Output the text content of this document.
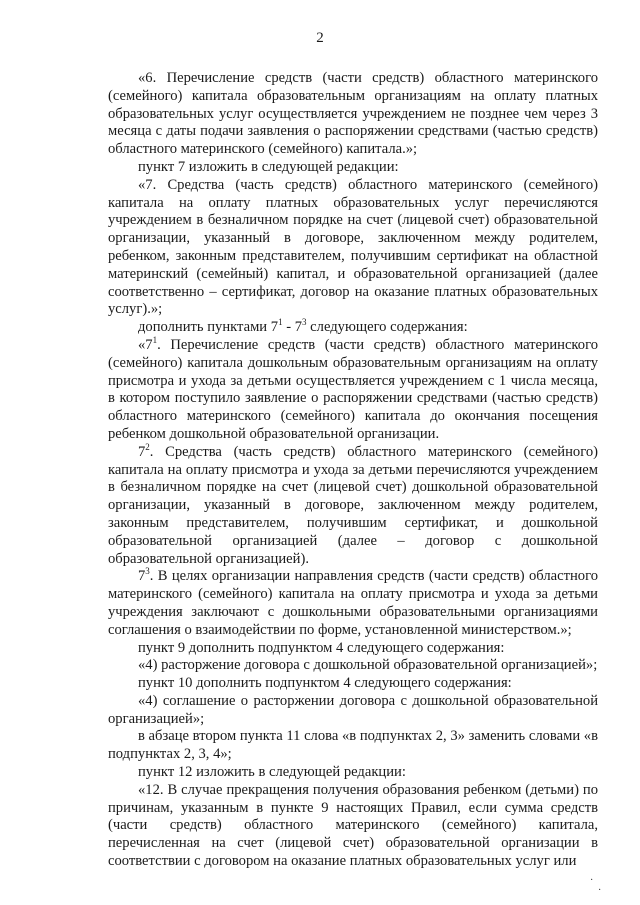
2

«6. Перечисление средств (части средств) областного материнского (семейного) капитала образовательным организациям на оплату платных образовательных услуг осуществляется учреждением не позднее чем через 3 месяца с даты подачи заявления о распоряжении средствами (частью средств) областного материнского (семейного) капитала.»;

пункт 7 изложить в следующей редакции:

«7. Средства (часть средств) областного материнского (семейного) капитала на оплату платных образовательных услуг перечисляются учреждением в безналичном порядке на счет (лицевой счет) образовательной организации, указанный в договоре, заключенном между родителем, ребенком, законным представителем, получившим сертификат на областной материнский (семейный) капитал, и образовательной организацией (далее соответственно – сертификат, договор на оказание платных образовательных услуг).»;

дополнить пунктами $7^1 - 7^3$ следующего содержания:

«$7^1$. Перечисление средств (части средств) областного материнского (семейного) капитала дошкольным образовательным организациям на оплату присмотра и ухода за детьми осуществляется учреждением с 1 числа месяца, в котором поступило заявление о распоряжении средствами (частью средств) областного материнского (семейного) капитала до окончания посещения ребенком дошкольной образовательной организации.

$7^2$. Средства (часть средств) областного материнского (семейного) капитала на оплату присмотра и ухода за детьми перечисляются учреждением в безналичном порядке на счет (лицевой счет) дошкольной образовательной организации, указанный в договоре, заключенном между родителем, законным представителем, получившим сертификат, и дошкольной образовательной организацией (далее – договор с дошкольной образовательной организацией).

$7^3$. В целях организации направления средств (части средств) областного материнского (семейного) капитала на оплату присмотра и ухода за детьми учреждения заключают с дошкольными образовательными организациями соглашения о взаимодействии по форме, установленной министерством.»;

пункт 9 дополнить подпунктом 4 следующего содержания:

«4) расторжение договора с дошкольной образовательной организацией»;

пункт 10 дополнить подпунктом 4 следующего содержания:

«4) соглашение о расторжении договора с дошкольной образовательной организацией»;

в абзаце втором пункта 11 слова «в подпунктах 2, 3» заменить словами «в подпунктах 2, 3, 4»;

пункт 12 изложить в следующей редакции:

«12. В случае прекращения получения образования ребенком (детьми) по причинам, указанным в пункте 9 настоящих Правил, если сумма средств (части средств) областного материнского (семейного) капитала, перечисленная на счет (лицевой счет) образовательной организации в соответствии с договором на оказание платных образовательных услуг или

·
·
